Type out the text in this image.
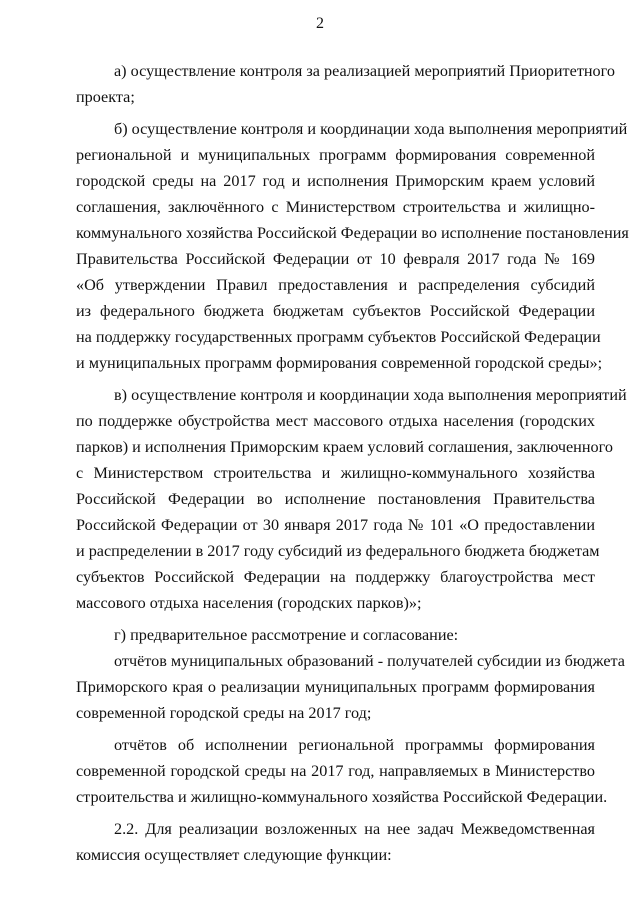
2
а) осуществление контроля за реализацией мероприятий Приоритетного
проекта;
б) осуществление контроля и координации хода выполнения мероприятий
региональной и муниципальных программ формирования современной
городской среды на 2017 год и исполнения Приморским краем условий
соглашения, заключённого с Министерством строительства и жилищно-
коммунального хозяйства Российской Федерации во исполнение постановления
Правительства Российской Федерации от 10 февраля 2017 года № 169
«Об утверждении Правил предоставления и распределения субсидий
из федерального бюджета бюджетам субъектов Российской Федерации
на поддержку государственных программ субъектов Российской Федерации
и муниципальных программ формирования современной городской среды»;
в) осуществление контроля и координации хода выполнения мероприятий
по поддержке обустройства мест массового отдыха населения (городских
парков) и исполнения Приморским краем условий соглашения, заключенного
с Министерством строительства и жилищно-коммунального хозяйства
Российской Федерации во исполнение постановления Правительства
Российской Федерации от 30 января 2017 года № 101 «О предоставлении
и распределении в 2017 году субсидий из федерального бюджета бюджетам
субъектов Российской Федерации на поддержку благоустройства мест
массового отдыха населения (городских парков)»;
г) предварительное рассмотрение и согласование:
отчётов муниципальных образований - получателей субсидии из бюджета
Приморского края о реализации муниципальных программ формирования
современной городской среды на 2017 год;
отчётов об исполнении региональной программы формирования
современной городской среды на 2017 год, направляемых в Министерство
строительства и жилищно-коммунального хозяйства Российской Федерации.
2.2. Для реализации возложенных на нее задач Межведомственная
комиссия осуществляет следующие функции:
